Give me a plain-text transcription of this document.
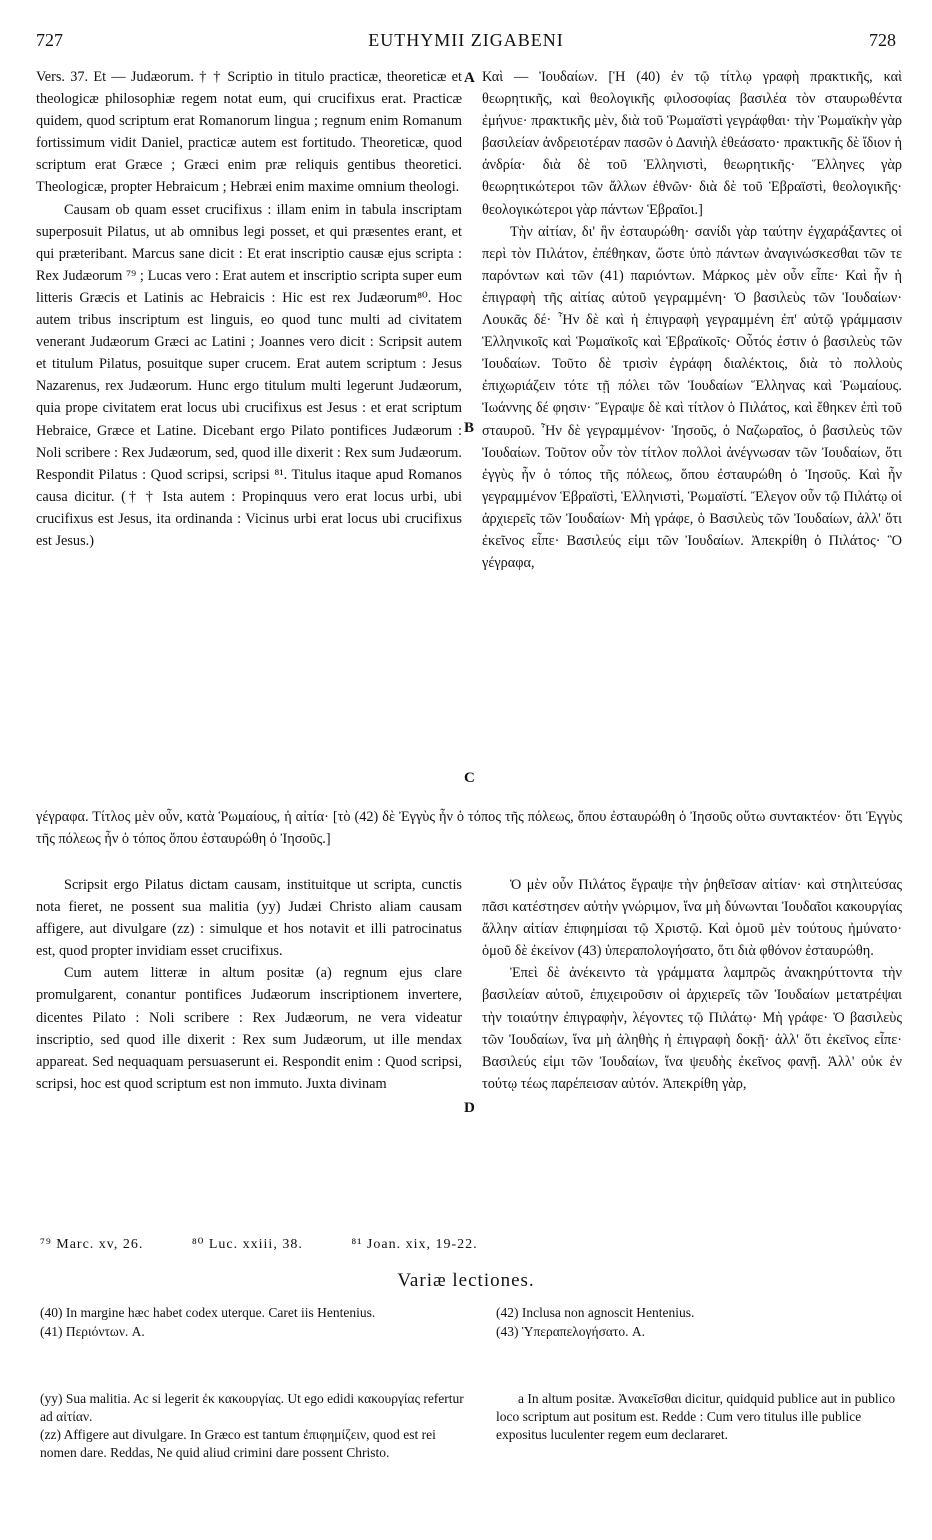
727	EUTHYMII ZIGABENI	728
A
B
C
D

Vers. 37. Et — Judæorum. † † Scriptio in titulo practicæ, theoreticæ et theologicæ philosophiæ regem notat eum, qui crucifixus erat. Practicæ quidem, quod scriptum erat Romanorum lingua ; regnum enim Romanum fortissimum vidit Daniel, practicæ autem est fortitudo. Theoreticæ, quod scriptum erat Græce ; Græci enim præ reliquis gentibus theoretici. Theologicæ, propter Hebraicum ; Hebræi enim maxime omnium theologi.

Causam ob quam esset crucifixus : illam enim in tabula inscriptam superposuit Pilatus, ut ab omnibus legi posset, et qui præsentes erant, et qui præteribant. Marcus sane dicit : Et erat inscriptio causæ ejus scripta : Rex Judæorum ⁷⁹ ; Lucas vero : Erat autem et inscriptio scripta super eum litteris Græcis et Latinis ac Hebraicis : Hic est rex Judæorum⁸⁰. Hoc autem tribus inscriptum est linguis, eo quod tunc multi ad civitatem venerant Judæorum Græci ac Latini ; Joannes vero dicit : Scripsit autem et titulum Pilatus, posuitque super crucem. Erat autem scriptum : Jesus Nazarenus, rex Judæorum. Hunc ergo titulum multi legerunt Judæorum, quia prope civitatem erat locus ubi crucifixus est Jesus : et erat scriptum Hebraice, Græce et Latine. Dicebant ergo Pilato pontifices Judæorum : Noli scribere : Rex Judæorum, sed, quod ille dixerit : Rex sum Judæorum. Respondit Pilatus : Quod scripsi, scripsi ⁸¹. Titulus itaque apud Romanos causa dicitur. († † Ista autem : Propinquus vero erat locus urbi, ubi crucifixus est Jesus, ita ordinanda : Vicinus urbi erat locus ubi crucifixus est Jesus.)

Καὶ — Ἰουδαίων. [Ἡ (40) ἐν τῷ τίτλῳ γραφὴ πρακτικῆς, καὶ θεωρητικῆς, καὶ θεολογικῆς φιλοσοφίας βασιλέα τὸν σταυρωθέντα ἐμήνυε· πρακτικῆς μὲν, διὰ τοῦ Ῥωμαϊστὶ γεγράφθαι· τὴν Ῥωμαϊκὴν γὰρ βασιλείαν ἀνδρειοτέραν πασῶν ὁ Δανιὴλ ἐθεάσατο· πρακτικῆς δὲ ἴδιον ἡ ἀνδρία· διὰ δὲ τοῦ Ἑλληνιστὶ, θεωρητικῆς· Ἕλληνες γὰρ θεωρητικώτεροι τῶν ἄλλων ἐθνῶν· διὰ δὲ τοῦ Ἑβραϊστὶ, θεολογικῆς· θεολογικώτεροι γὰρ πάντων Ἑβραῖοι.]

Τὴν αἰτίαν, δι' ἣν ἐσταυρώθη· σανίδι γὰρ ταύτην ἐγχαράξαντες οἱ περὶ τὸν Πιλάτον, ἐπέθηκαν, ὥστε ὑπὸ πάντων ἀναγινώσκεσθαι τῶν τε παρόντων καὶ τῶν (41) παριόντων. Μάρκος μὲν οὖν εἶπε· Καὶ ἦν ἡ ἐπιγραφὴ τῆς αἰτίας αὐτοῦ γεγραμμένη· Ὁ βασιλεὺς τῶν Ἰουδαίων· Λουκᾶς δέ· Ἦν δὲ καὶ ἡ ἐπιγραφὴ γεγραμμένη ἐπ' αὐτῷ γράμμασιν Ἑλληνικοῖς καὶ Ῥωμαϊκοῖς καὶ Ἑβραϊκοῖς· Οὗτός ἐστιν ὁ βασιλεὺς τῶν Ἰουδαίων. Τοῦτο δὲ τρισὶν ἐγράφη διαλέκτοις, διὰ τὸ πολλοὺς ἐπιχωριάζειν τότε τῇ πόλει τῶν Ἰουδαίων Ἕλληνας καὶ Ῥωμαίους. Ἰωάννης δέ φησιν· Ἔγραψε δὲ καὶ τίτλον ὁ Πιλάτος, καὶ ἔθηκεν ἐπὶ τοῦ σταυροῦ. Ἦν δὲ γεγραμμένον· Ἰησοῦς, ὁ Ναζωραῖος, ὁ βασιλεὺς τῶν Ἰουδαίων. Τοῦτον οὖν τὸν τίτλον πολλοὶ ἀνέγνωσαν τῶν Ἰουδαίων, ὅτι ἐγγὺς ἦν ὁ τόπος τῆς πόλεως, ὅπου ἐσταυρώθη ὁ Ἰησοῦς. Καὶ ἦν γεγραμμένον Ἑβραϊστὶ, Ἑλληνιστὶ, Ῥωμαϊστί. Ἔλεγον οὖν τῷ Πιλάτῳ οἱ ἀρχιερεῖς τῶν Ἰουδαίων· Μὴ γράφε, ὁ Βασιλεὺς τῶν Ἰουδαίων, ἀλλ' ὅτι ἐκεῖνος εἶπε· Βασιλεύς εἰμι τῶν Ἰουδαίων. Ἀπεκρίθη ὁ Πιλάτος· Ὃ γέγραφα,

γέγραφα. Τίτλος μὲν οὖν, κατὰ Ῥωμαίους, ἡ αἰτία· [τὸ (42) δὲ Ἐγγὺς ἦν ὁ τόπος τῆς πόλεως, ὅπου ἐσταυρώθη ὁ Ἰησοῦς οὕτω συντακτέον· ὅτι Ἐγγὺς τῆς πόλεως ἦν ὁ τόπος ὅπου ἐσταυρώθη ὁ Ἰησοῦς.]

Scripsit ergo Pilatus dictam causam, instituitque ut scripta, cunctis nota fieret, ne possent sua malitia (yy) Judæi Christo aliam causam affigere, aut divulgare (zz) : simulque et hos notavit et illi patrocinatus est, quod propter invidiam esset crucifixus.

Cum autem litteræ in altum positæ (a) regnum ejus clare promulgarent, conantur pontifices Judæorum inscriptionem invertere, dicentes Pilato : Noli scribere : Rex Judæorum, ne vera videatur inscriptio, sed quod ille dixerit : Rex sum Judæorum, ut ille mendax appareat. Sed nequaquam persuaserunt ei. Respondit enim : Quod scripsi, scripsi, hoc est quod scriptum est non immuto. Juxta divinam

Ὁ μὲν οὖν Πιλάτος ἔγραψε τὴν ῥηθεῖσαν αἰτίαν· καὶ στηλιτεύσας πᾶσι κατέστησεν αὐτὴν γνώριμον, ἵνα μὴ δύνωνται Ἰουδαῖοι κακουργίας ἄλλην αἰτίαν ἐπιφημίσαι τῷ Χριστῷ. Καὶ ὁμοῦ μὲν τούτους ἠμύνατο· ὁμοῦ δὲ ἐκείνον (43) ὑπεραπολογήσατο, ὅτι διὰ φθόνον ἐσταυρώθη.

Ἐπεὶ δὲ ἀνέκειντο τὰ γράμματα λαμπρῶς ἀνακηρύττοντα τὴν βασιλείαν αὐτοῦ, ἐπιχειροῦσιν οἱ ἀρχιερεῖς τῶν Ἰουδαίων μετατρέψαι τὴν τοιαύτην ἐπιγραφὴν, λέγοντες τῷ Πιλάτῳ· Μὴ γράφε· Ὁ βασιλεὺς τῶν Ἰουδαίων, ἵνα μὴ ἀληθὴς ἡ ἐπιγραφὴ δοκῇ· ἀλλ' ὅτι ἐκεῖνος εἶπε· Βασιλεύς εἰμι τῶν Ἰουδαίων, ἵνα ψευδὴς ἐκεῖνος φανῇ. Ἀλλ' οὐκ ἐν τούτῳ τέως παρέπεισαν αὐτόν. Ἀπεκρίθη γὰρ,

⁷⁹ Marc. xv, 26.	⁸⁰ Luc. xxiii, 38.	⁸¹ Joan. xix, 19-22.
Variæ lectiones.

(40) In margine hæc habet codex uterque. Caret iis Hentenius.

(41) Περιόντων. A.

(42) Inclusa non agnoscit Hentenius.

(43) Ὑπεραπελογήσατο. A.

(yy) Sua malitia. Ac si legerit ἐκ κακουργίας. Ut ego edidi κακουργίας refertur ad αἰτίαν.

(zz) Affigere aut divulgare. In Græco est tantum ἐπιφημίζειν, quod est rei nomen dare. Reddas, Ne quid aliud crimini dare possent Christo.

a In altum positæ. Ἀνακεῖσθαι dicitur, quidquid publice aut in publico loco scriptum aut positum est. Redde : Cum vero titulus ille publice expositus luculenter regem eum declararet.
